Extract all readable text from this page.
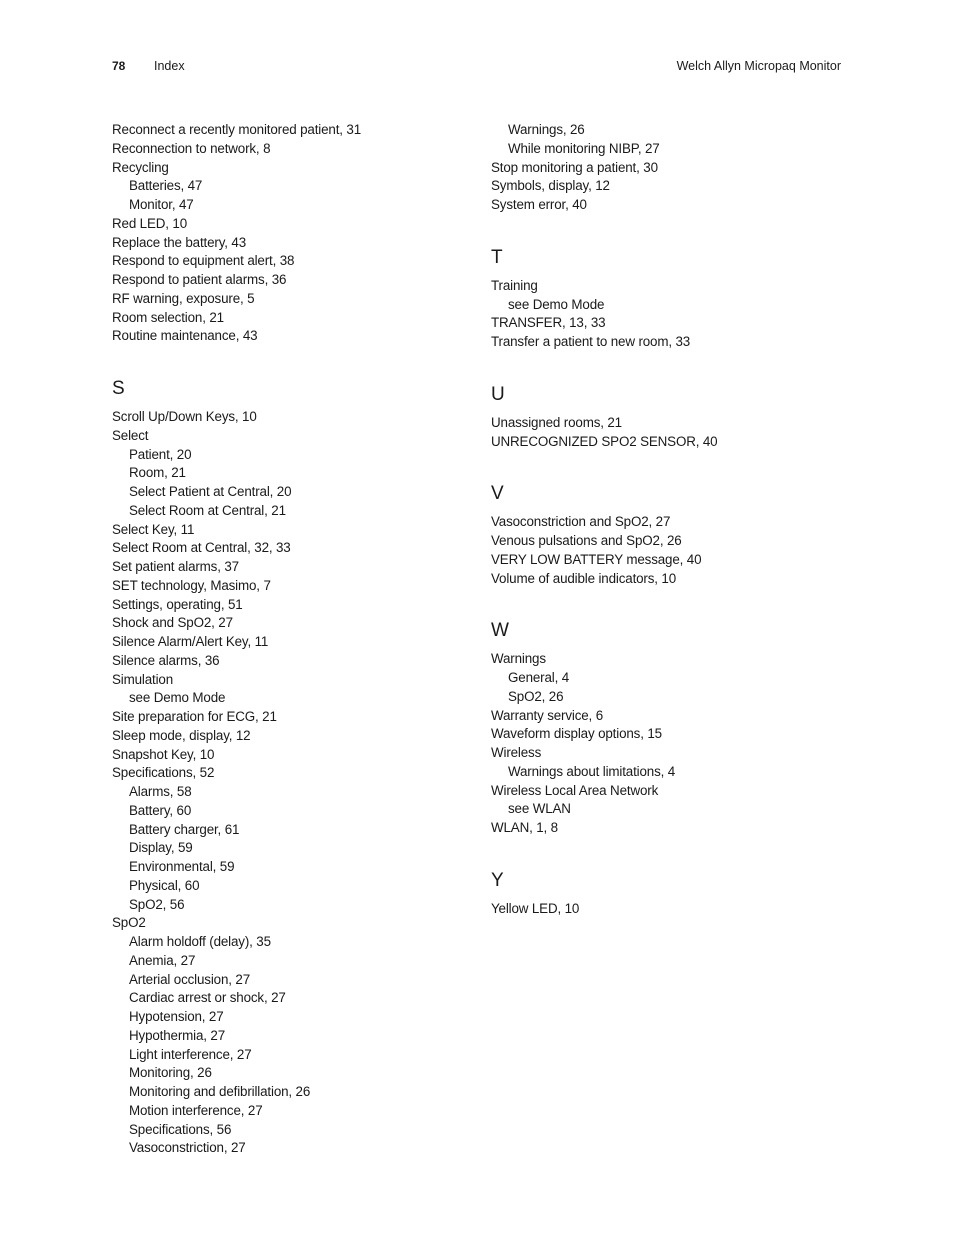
78 Index	Welch Allyn Micropaq Monitor
Reconnect a recently monitored patient, 31
Reconnection to network, 8
Recycling
Batteries, 47
Monitor, 47
Red LED, 10
Replace the battery, 43
Respond to equipment alert, 38
Respond to patient alarms, 36
RF warning, exposure, 5
Room selection, 21
Routine maintenance, 43
S
Scroll Up/Down Keys, 10
Select
Patient, 20
Room, 21
Select Patient at Central, 20
Select Room at Central, 21
Select Key, 11
Select Room at Central, 32, 33
Set patient alarms, 37
SET technology, Masimo, 7
Settings, operating, 51
Shock and SpO2, 27
Silence Alarm/Alert Key, 11
Silence alarms, 36
Simulation
see Demo Mode
Site preparation for ECG, 21
Sleep mode, display, 12
Snapshot Key, 10
Specifications, 52
Alarms, 58
Battery, 60
Battery charger, 61
Display, 59
Environmental, 59
Physical, 60
SpO2, 56
SpO2
Alarm holdoff (delay), 35
Anemia, 27
Arterial occlusion, 27
Cardiac arrest or shock, 27
Hypotension, 27
Hypothermia, 27
Light interference, 27
Monitoring, 26
Monitoring and defibrillation, 26
Motion interference, 27
Specifications, 56
Vasoconstriction, 27
Warnings, 26
While monitoring NIBP, 27
Stop monitoring a patient, 30
Symbols, display, 12
System error, 40
T
Training
see Demo Mode
TRANSFER, 13, 33
Transfer a patient to new room, 33
U
Unassigned rooms, 21
UNRECOGNIZED SPO2 SENSOR, 40
V
Vasoconstriction and SpO2, 27
Venous pulsations and SpO2, 26
VERY LOW BATTERY message, 40
Volume of audible indicators, 10
W
Warnings
General, 4
SpO2, 26
Warranty service, 6
Waveform display options, 15
Wireless
Warnings about limitations, 4
Wireless Local Area Network
see WLAN
WLAN, 1, 8
Y
Yellow LED, 10
